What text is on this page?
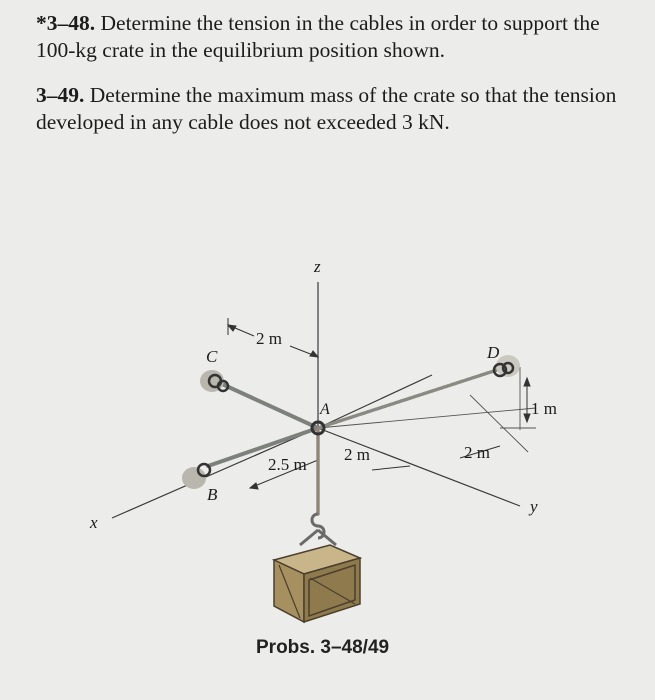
*3–48. Determine the tension in the cables in order to support the 100-kg crate in the equilibrium position shown.

3–49. Determine the maximum mass of the crate so that the tension developed in any cable does not exceeded 3 kN.

z
x
y
A
B
C	D
2 m
2.5 m
2 m	2 m
1 m
Probs. 3–48/49
